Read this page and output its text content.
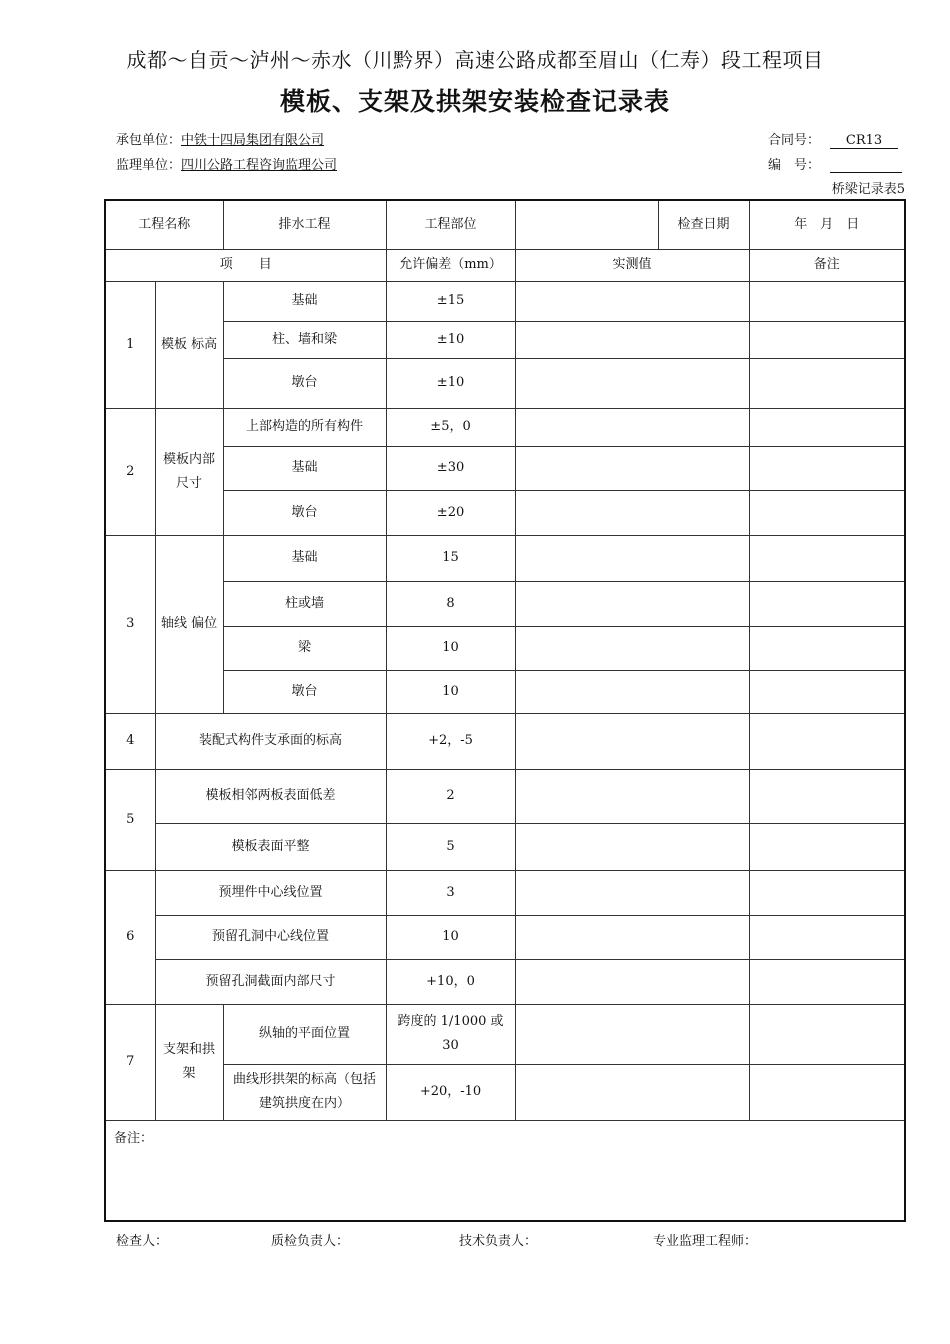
成都～自贡～泸州～赤水（川黔界）高速公路成都至眉山（仁寿）段工程项目
模板、支架及拱架安装检查记录表
承包单位：中铁十四局集团有限公司
监理单位：四川公路工程咨询监理公司
合同号： CR13
编　号：
桥梁记录表5
工程名称		排水工程	工程部位		检查日期	年　月　日
项　　目			允许偏差（mm）	实测值		备注
1	模板 标高	基础	±15			
		柱、墙和梁	±10			
		墩台	±10			
2	模板内部尺寸	上部构造的所有构件	±5，0			
		基础	±30			
		墩台	±20			
3	轴线 偏位	基础	15			
		柱或墙	8			
		梁	10			
		墩台	10			
4	装配式构件支承面的标高		+2，-5			
5	模板相邻两板表面低差		2			
	模板表面平整		5			
6	预埋件中心线位置		3			
	预留孔洞中心线位置		10			
	预留孔洞截面内部尺寸		+10，0			
7	支架和拱架	纵轴的平面位置	跨度的 1/1000 或 30			
		曲线形拱架的标高（包括建筑拱度在内）	+20，-10			
备注：						
检查人：	质检负责人：	技术负责人：	专业监理工程师：
